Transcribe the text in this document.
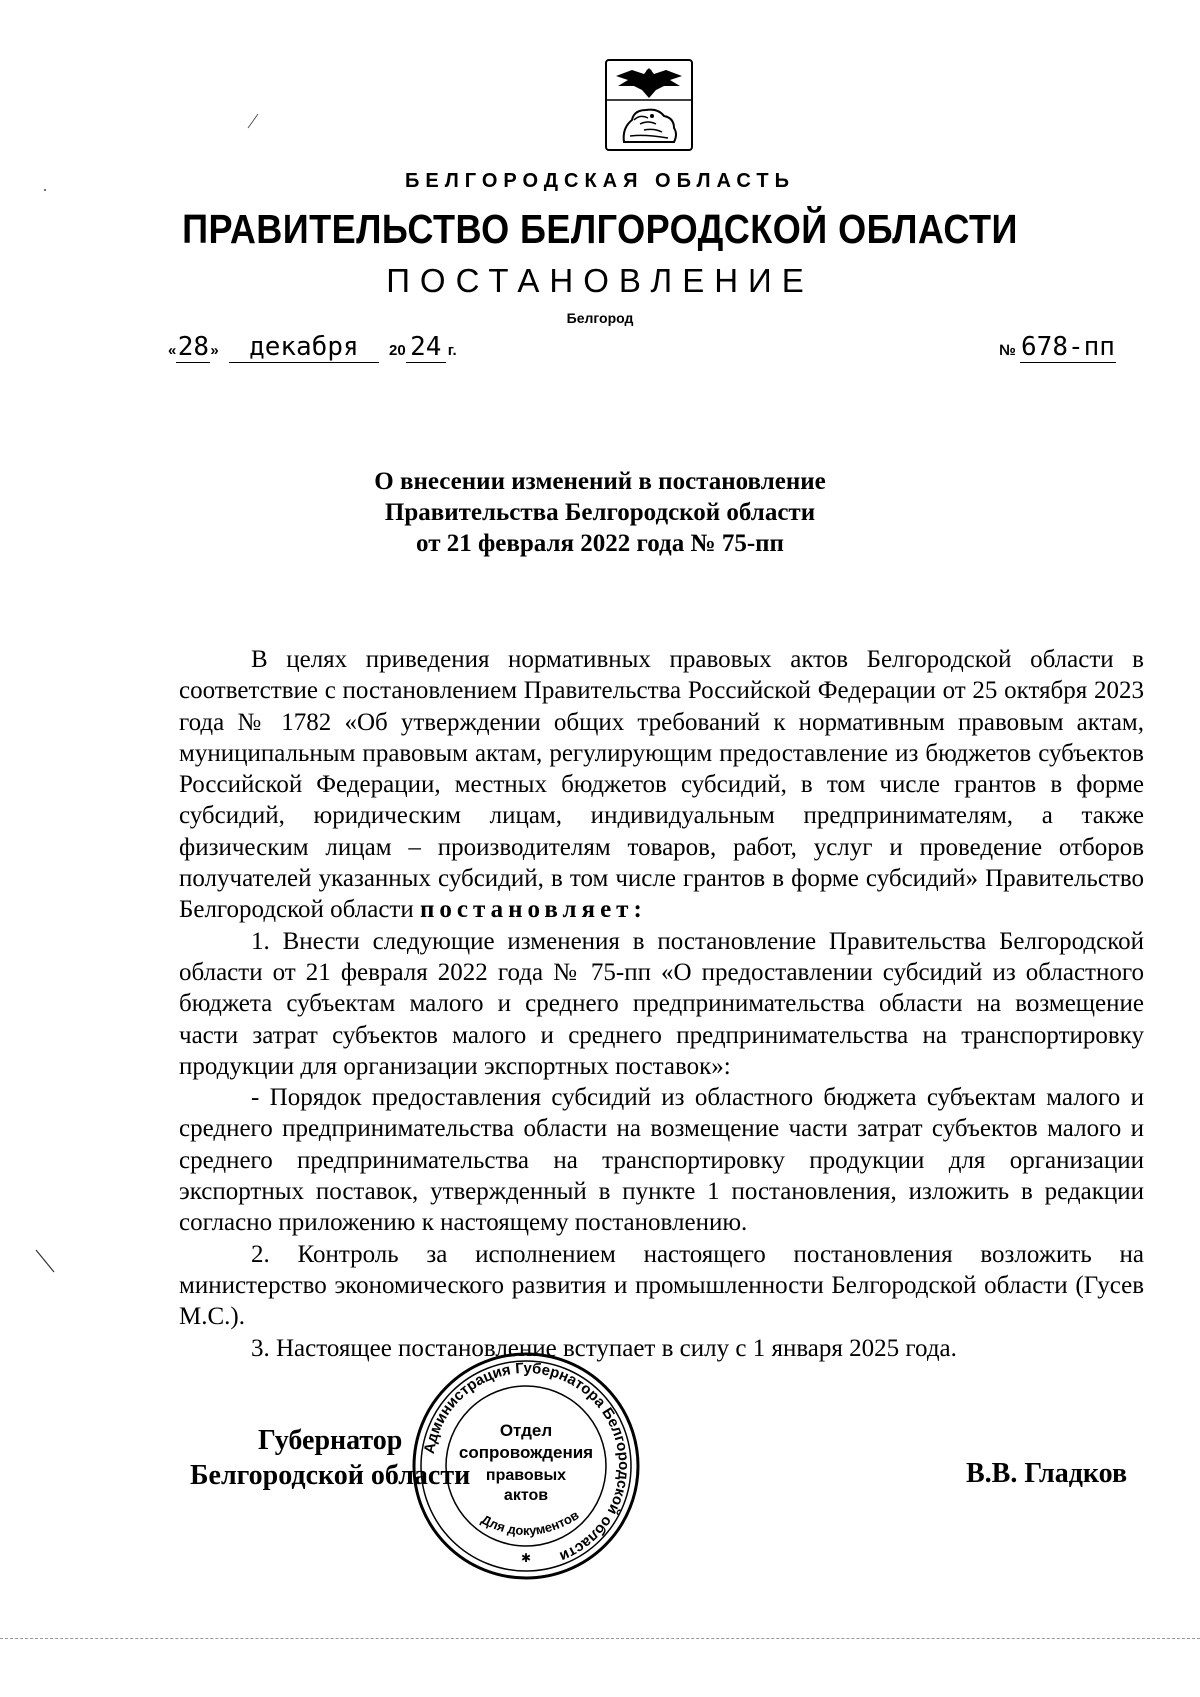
БЕЛГОРОДСКАЯ ОБЛАСТЬ
ПРАВИТЕЛЬСТВО БЕЛГОРОДСКОЙ ОБЛАСТИ
ПОСТАНОВЛЕНИЕ
Белгород
«28» декабря 20 24 г.	№ 678-пп
О внесении изменений в постановление
Правительства Белгородской области
от 21 февраля 2022 года № 75-пп

В целях приведения нормативных правовых актов Белгородской области в соответствие с постановлением Правительства Российской Федерации от 25 октября 2023 года № 1782 «Об утверждении общих требований к нормативным правовым актам, муниципальным правовым актам, регулирующим предоставление из бюджетов субъектов Российской Федерации, местных бюджетов субсидий, в том числе грантов в форме субсидий, юридическим лицам, индивидуальным предпринимателям, а также физическим лицам – производителям товаров, работ, услуг и проведение отборов получателей указанных субсидий, в том числе грантов в форме субсидий» Правительство Белгородской области постановляет:

1. Внести следующие изменения в постановление Правительства Белгородской области от 21 февраля 2022 года № 75-пп «О предоставлении субсидий из областного бюджета субъектам малого и среднего предпринимательства области на возмещение части затрат субъектов малого и среднего предпринимательства на транспортировку продукции для организации экспортных поставок»:

- Порядок предоставления субсидий из областного бюджета субъектам малого и среднего предпринимательства области на возмещение части затрат субъектов малого и среднего предпринимательства на транспортировку продукции для организации экспортных поставок, утвержденный в пункте 1 постановления, изложить в редакции согласно приложению к настоящему постановлению.

2. Контроль за исполнением настоящего постановления возложить на министерство экономического развития и промышленности Белгородской области (Гусев М.С.).

3. Настоящее постановление вступает в силу с 1 января 2025 года.

Губернатор
Белгородской области	В.В. Гладков
Администрация Губернатора Белгородской области
Отдел
сопровождения
правовых
актов
Для документов
✱
